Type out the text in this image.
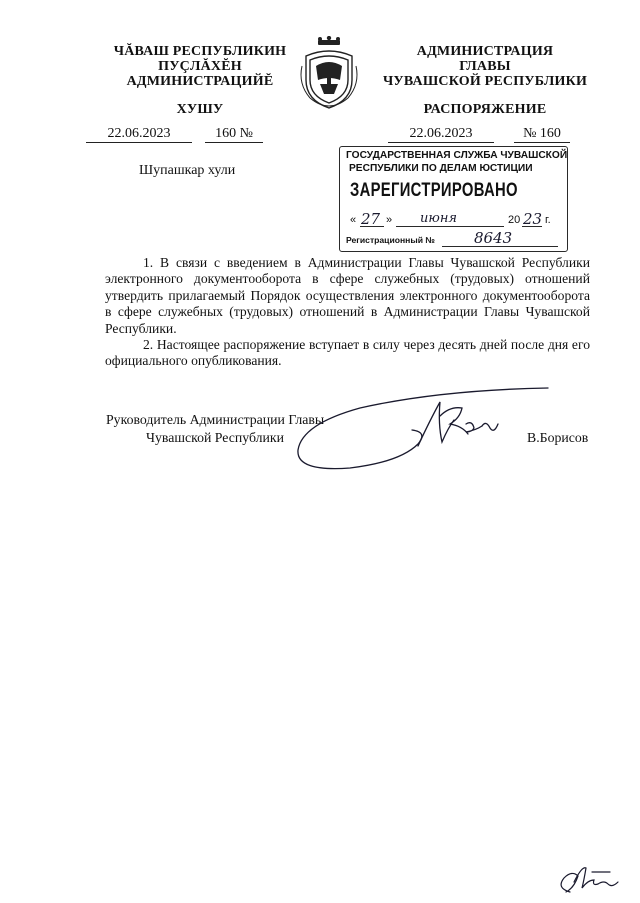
ЧĂВАШ РЕСПУБЛИКИН
ПУÇЛĂХĔН
АДМИНИСТРАЦИЙĔ
ХУШУ
22.06.2023	160 №
Шупашкар хули
АДМИНИСТРАЦИЯ
ГЛАВЫ
ЧУВАШСКОЙ РЕСПУБЛИКИ
РАСПОРЯЖЕНИЕ
22.06.2023	№ 160
ГОСУДАРСТВЕННАЯ СЛУЖБА ЧУВАШСКОЙ
РЕСПУБЛИКИ ПО ДЕЛАМ ЮСТИЦИИ
ЗАРЕГИСТРИРОВАНО
« 27 » июня	20 23 г.
Регистрационный №	8643

1. В связи с введением в Администрации Главы Чувашской Республики электронного документооборота в сфере служебных (трудовых) отношений утвердить прилагаемый Порядок осуществления электронного документооборота в сфере служебных (трудовых) отношений в Администрации Главы Чувашской Республики.

2. Настоящее распоряжение вступает в силу через десять дней после дня его официального опубликования.

Руководитель Администрации Главы
Чувашской Республики	В.Борисов
